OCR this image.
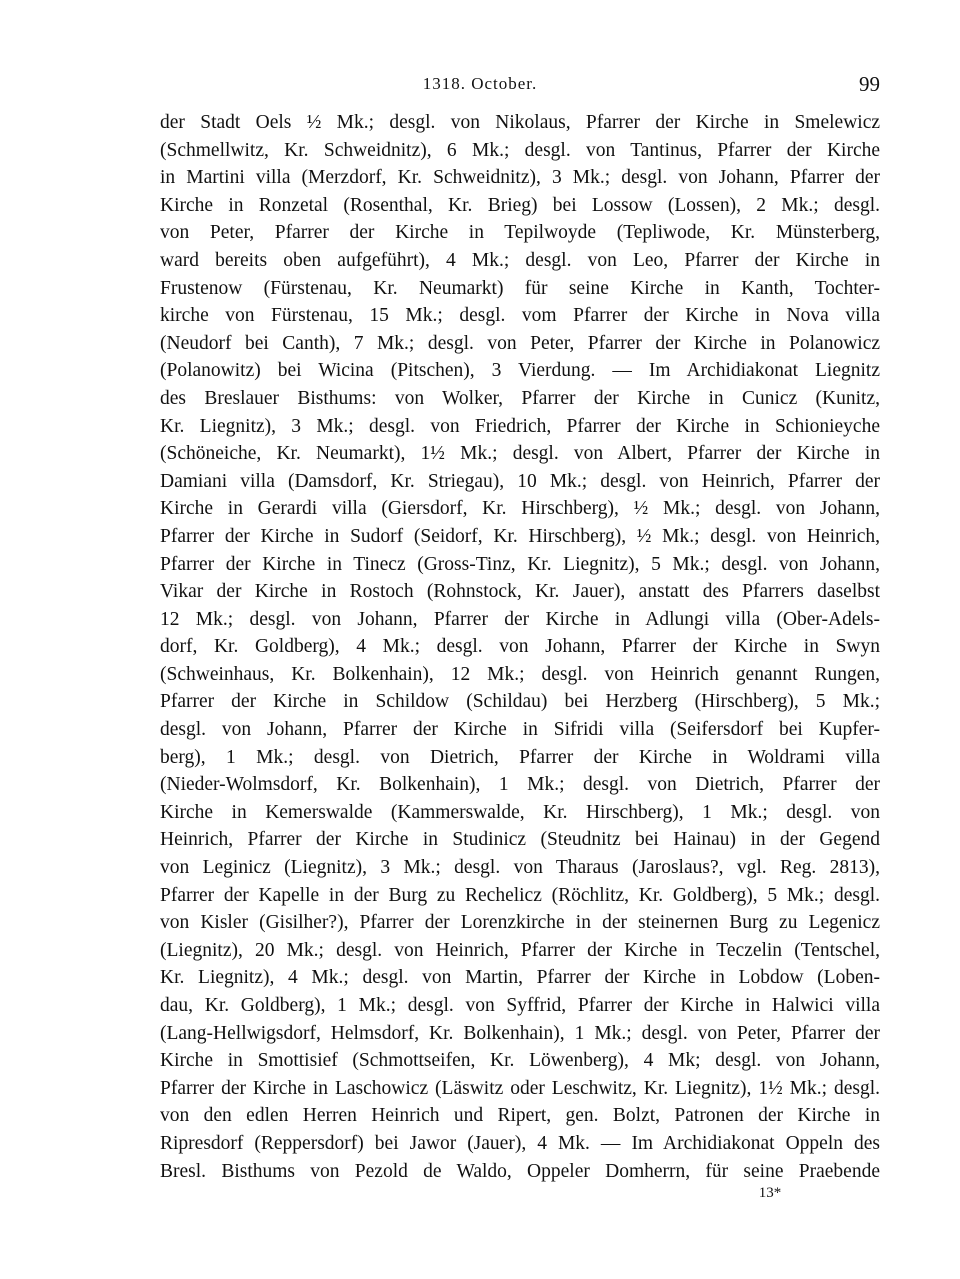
1318. October.	99
der Stadt Oels ½ Mk.; desgl. von Nikolaus, Pfarrer der Kirche in Smelewicz
(Schmellwitz, Kr. Schweidnitz), 6 Mk.; desgl. von Tantinus, Pfarrer der Kirche
in Martini villa (Merzdorf, Kr. Schweidnitz), 3 Mk.; desgl. von Johann, Pfarrer der
Kirche in Ronzetal (Rosenthal, Kr. Brieg) bei Lossow (Lossen), 2 Mk.; desgl.
von Peter, Pfarrer der Kirche in Tepilwoyde (Tepliwode, Kr. Münsterberg,
ward bereits oben aufgeführt), 4 Mk.; desgl. von Leo, Pfarrer der Kirche in
Frustenow (Fürstenau, Kr. Neumarkt) für seine Kirche in Kanth, Tochter-
kirche von Fürstenau, 15 Mk.; desgl. vom Pfarrer der Kirche in Nova villa
(Neudorf bei Canth), 7 Mk.; desgl. von Peter, Pfarrer der Kirche in Polanowicz
(Polanowitz) bei Wicina (Pitschen), 3 Vierdung. — Im Archidiakonat Liegnitz
des Breslauer Bisthums: von Wolker, Pfarrer der Kirche in Cunicz (Kunitz,
Kr. Liegnitz), 3 Mk.; desgl. von Friedrich, Pfarrer der Kirche in Schionieyche
(Schöneiche, Kr. Neumarkt), 1½ Mk.; desgl. von Albert, Pfarrer der Kirche in
Damiani villa (Damsdorf, Kr. Striegau), 10 Mk.; desgl. von Heinrich, Pfarrer der
Kirche in Gerardi villa (Giersdorf, Kr. Hirschberg), ½ Mk.; desgl. von Johann,
Pfarrer der Kirche in Sudorf (Seidorf, Kr. Hirschberg), ½ Mk.; desgl. von Heinrich,
Pfarrer der Kirche in Tinecz (Gross-Tinz, Kr. Liegnitz), 5 Mk.; desgl. von Johann,
Vikar der Kirche in Rostoch (Rohnstock, Kr. Jauer), anstatt des Pfarrers daselbst
12 Mk.; desgl. von Johann, Pfarrer der Kirche in Adlungi villa (Ober-Adels-
dorf, Kr. Goldberg), 4 Mk.; desgl. von Johann, Pfarrer der Kirche in Swyn
(Schweinhaus, Kr. Bolkenhain), 12 Mk.; desgl. von Heinrich genannt Rungen,
Pfarrer der Kirche in Schildow (Schildau) bei Herzberg (Hirschberg), 5 Mk.;
desgl. von Johann, Pfarrer der Kirche in Sifridi villa (Seifersdorf bei Kupfer-
berg), 1 Mk.; desgl. von Dietrich, Pfarrer der Kirche in Woldrami villa
(Nieder-Wolmsdorf, Kr. Bolkenhain), 1 Mk.; desgl. von Dietrich, Pfarrer der
Kirche in Kemerswalde (Kammerswalde, Kr. Hirschberg), 1 Mk.; desgl. von
Heinrich, Pfarrer der Kirche in Studinicz (Steudnitz bei Hainau) in der Gegend
von Leginicz (Liegnitz), 3 Mk.; desgl. von Tharaus (Jaroslaus?, vgl. Reg. 2813),
Pfarrer der Kapelle in der Burg zu Rechelicz (Röchlitz, Kr. Goldberg), 5 Mk.; desgl.
von Kisler (Gisilher?), Pfarrer der Lorenzkirche in der steinernen Burg zu Legenicz
(Liegnitz), 20 Mk.; desgl. von Heinrich, Pfarrer der Kirche in Teczelin (Tentschel,
Kr. Liegnitz), 4 Mk.; desgl. von Martin, Pfarrer der Kirche in Lobdow (Loben-
dau, Kr. Goldberg), 1 Mk.; desgl. von Syffrid, Pfarrer der Kirche in Halwici villa
(Lang-Hellwigsdorf, Helmsdorf, Kr. Bolkenhain), 1 Mk.; desgl. von Peter, Pfarrer der
Kirche in Smottisief (Schmottseifen, Kr. Löwenberg), 4 Mk; desgl. von Johann,
Pfarrer der Kirche in Laschowicz (Läswitz oder Leschwitz, Kr. Liegnitz), 1½ Mk.; desgl.
von den edlen Herren Heinrich und Ripert, gen. Bolzt, Patronen der Kirche in
Ripresdorf (Reppersdorf) bei Jawor (Jauer), 4 Mk. — Im Archidiakonat Oppeln des
Bresl. Bisthums von Pezold de Waldo, Oppeler Domherrn, für seine Praebende
13*
